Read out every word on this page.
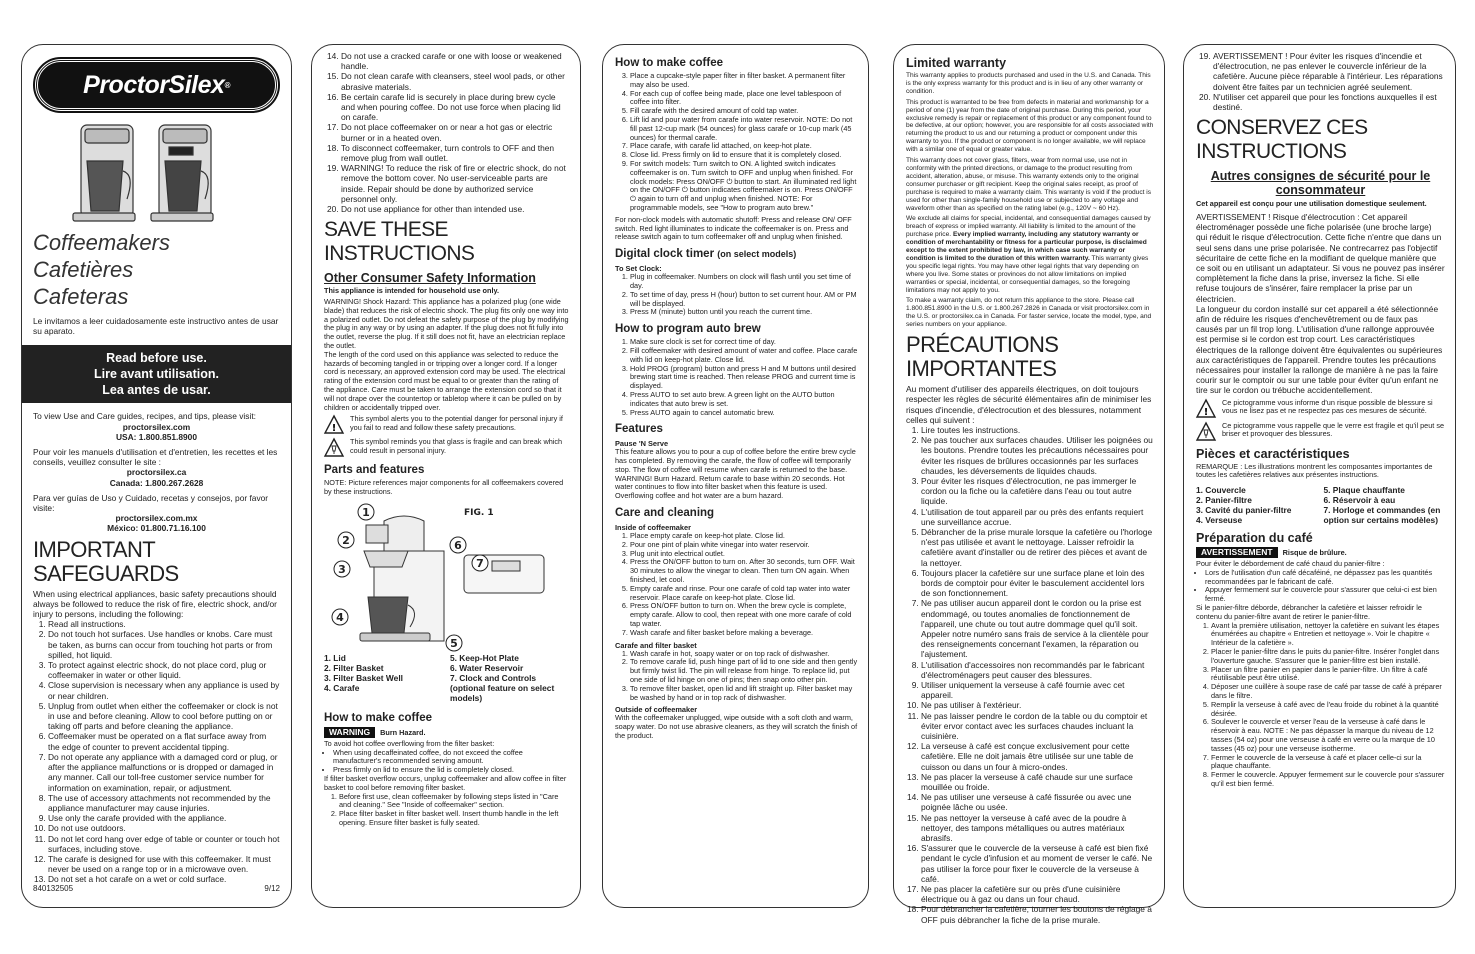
ProctorSilex ®
Coffeemakers
Cafetières
Cafeteras
Le invitamos a leer cuidadosamente este instructivo antes de usar su aparato.
Read before use.
Lire avant utilisation.
Lea antes de usar.
To view Use and Care guides, recipes, and tips, please visit:
proctorsilex.com
USA: 1.800.851.8900
Pour voir les manuels d'utilisation et d'entretien, les recettes et les conseils, veuillez consulter le site :
proctorsilex.ca
Canada: 1.800.267.2628
Para ver guías de Uso y Cuidado, recetas y consejos, por favor visite:
proctorsilex.com.mx
México: 01.800.71.16.100
IMPORTANT SAFEGUARDS
When using electrical appliances, basic safety precautions should always be followed to reduce the risk of fire, electric shock, and/or injury to persons, including the following:
1. Read all instructions.
2. Do not touch hot surfaces. Use handles or knobs. Care must be taken, as burns can occur from touching hot parts or from spilled, hot liquid.
3. To protect against electric shock, do not place cord, plug or coffeemaker in water or other liquid.
4. Close supervision is necessary when any appliance is used by or near children.
5. Unplug from outlet when either the coffeemaker or clock is not in use and before cleaning. Allow to cool before putting on or taking off parts and before cleaning the appliance.
6. Coffeemaker must be operated on a flat surface away from the edge of counter to prevent accidental tipping.
7. Do not operate any appliance with a damaged cord or plug, or after the appliance malfunctions or is dropped or damaged in any manner. Call our toll-free customer service number for information on examination, repair, or adjustment.
8. The use of accessory attachments not recommended by the appliance manufacturer may cause injuries.
9. Use only the carafe provided with the appliance.
10. Do not use outdoors.
11. Do not let cord hang over edge of table or counter or touch hot surfaces, including stove.
12. The carafe is designed for use with this coffeemaker. It must never be used on a range top or in a microwave oven.
13. Do not set a hot carafe on a wet or cold surface.
840132505	9/12
14. Do not use a cracked carafe or one with loose or weakened handle.
15. Do not clean carafe with cleansers, steel wool pads, or other abrasive materials.
16. Be certain carafe lid is securely in place during brew cycle and when pouring coffee. Do not use force when placing lid on carafe.
17. Do not place coffeemaker on or near a hot gas or electric burner or in a heated oven.
18. To disconnect coffeemaker, turn controls to OFF and then remove plug from wall outlet.
19. WARNING! To reduce the risk of fire or electric shock, do not remove the bottom cover. No user-serviceable parts are inside. Repair should be done by authorized service personnel only.
20. Do not use appliance for other than intended use.
SAVE THESE INSTRUCTIONS
Other Consumer Safety Information
This appliance is intended for household use only.
WARNING! Shock Hazard: This appliance has a polarized plug (one wide blade) that reduces the risk of electric shock. The plug fits only one way into a polarized outlet. Do not defeat the safety purpose of the plug by modifying the plug in any way or by using an adapter. If the plug does not fit fully into the outlet, reverse the plug. If it still does not fit, have an electrician replace the outlet.
The length of the cord used on this appliance was selected to reduce the hazards of becoming tangled in or tripping over a longer cord. If a longer cord is necessary, an approved extension cord may be used. The electrical rating of the extension cord must be equal to or greater than the rating of the appliance. Care must be taken to arrange the extension cord so that it will not drape over the countertop or tabletop where it can be pulled on by children or accidentally tripped over.
!
This symbol alerts you to the potential danger for personal injury if you fail to read and follow these safety precautions.
This symbol reminds you that glass is fragile and can break which could result in personal injury.
Parts and features
NOTE: Picture references major components for all coffeemakers covered by these instructions.
1
2
3
4
5
6
7
FIG. 1
1. Lid
2. Filter Basket
3. Filter Basket Well
4. Carafe
5. Keep-Hot Plate
6. Water Reservoir
7. Clock and Controls (optional feature on select models)
How to make coffee
WARNING Burn Hazard.
To avoid hot coffee overflowing from the filter basket:
• When using decaffeinated coffee, do not exceed the coffee manufacturer's recommended serving amount.
• Press firmly on lid to ensure the lid is completely closed.
If filter basket overflow occurs, unplug coffeemaker and allow coffee in filter basket to cool before removing filter basket.
1. Before first use, clean coffeemaker by following steps listed in "Care and cleaning." See "Inside of coffeemaker" section.
2. Place filter basket in filter basket well. Insert thumb handle in the left opening. Ensure filter basket is fully seated.
How to make coffee
3. Place a cupcake-style paper filter in filter basket. A permanent filter may also be used.
4. For each cup of coffee being made, place one level tablespoon of coffee into filter.
5. Fill carafe with the desired amount of cold tap water.
6. Lift lid and pour water from carafe into water reservoir. NOTE: Do not fill past 12-cup mark (54 ounces) for glass carafe or 10-cup mark (45 ounces) for thermal carafe.
7. Place carafe, with carafe lid attached, on keep-hot plate.
8. Close lid. Press firmly on lid to ensure that it is completely closed.
9. For switch models: Turn switch to ON. A lighted switch indicates coffeemaker is on. Turn switch to OFF and unplug when finished. For clock models: Press ON/OFF ⏻ button to start. An illuminated red light on the ON/OFF ⏻ button indicates coffeemaker is on. Press ON/OFF ⏻ again to turn off and unplug when finished. NOTE: For programmable models, see "How to program auto brew."
For non-clock models with automatic shutoff: Press and release ON/ OFF switch. Red light illuminates to indicate the coffeemaker is on. Press and release switch again to turn coffeemaker off and unplug when finished.
Digital clock timer (on select models)
To Set Clock:
1. Plug in coffeemaker. Numbers on clock will flash until you set time of day.
2. To set time of day, press H (hour) button to set current hour. AM or PM will be displayed.
3. Press M (minute) button until you reach the current time.
How to program auto brew
1. Make sure clock is set for correct time of day.
2. Fill coffeemaker with desired amount of water and coffee. Place carafe with lid on keep-hot plate. Close lid.
3. Hold PROG (program) button and press H and M buttons until desired brewing start time is reached. Then release PROG and current time is displayed.
4. Press AUTO to set auto brew. A green light on the AUTO button indicates that auto brew is set.
5. Press AUTO again to cancel automatic brew.
Features
Pause 'N Serve
This feature allows you to pour a cup of coffee before the entire brew cycle has completed. By removing the carafe, the flow of coffee will temporarily stop. The flow of coffee will resume when carafe is returned to the base.
WARNING! Burn Hazard. Return carafe to base within 20 seconds. Hot water continues to flow into filter basket when this feature is used. Overflowing coffee and hot water are a burn hazard.
Care and cleaning
Inside of coffeemaker
1. Place empty carafe on keep-hot plate. Close lid.
2. Pour one pint of plain white vinegar into water reservoir.
3. Plug unit into electrical outlet.
4. Press the ON/OFF button to turn on. After 30 seconds, turn OFF. Wait 30 minutes to allow the vinegar to clean. Then turn ON again. When finished, let cool.
5. Empty carafe and rinse. Pour one carafe of cold tap water into water reservoir. Place carafe on keep-hot plate. Close lid.
6. Press ON/OFF button to turn on. When the brew cycle is complete, empty carafe. Allow to cool, then repeat with one more carafe of cold tap water.
7. Wash carafe and filter basket before making a beverage.
Carafe and filter basket
1. Wash carafe in hot, soapy water or on top rack of dishwasher.
2. To remove carafe lid, push hinge part of lid to one side and then gently but firmly twist lid. The pin will release from hinge. To replace lid, put one side of lid hinge on one of pins; then snap onto other pin.
3. To remove filter basket, open lid and lift straight up. Filter basket may be washed by hand or in top rack of dishwasher.
Outside of coffeemaker
With the coffeemaker unplugged, wipe outside with a soft cloth and warm, soapy water. Do not use abrasive cleaners, as they will scratch the finish of the product.
Limited warranty
This warranty applies to products purchased and used in the U.S. and Canada. This is the only express warranty for this product and is in lieu of any other warranty or condition.
This product is warranted to be free from defects in material and workmanship for a period of one (1) year from the date of original purchase. During this period, your exclusive remedy is repair or replacement of this product or any component found to be defective, at our option; however, you are responsible for all costs associated with returning the product to us and our returning a product or component under this warranty to you. If the product or component is no longer available, we will replace with a similar one of equal or greater value.
This warranty does not cover glass, filters, wear from normal use, use not in conformity with the printed directions, or damage to the product resulting from accident, alteration, abuse, or misuse. This warranty extends only to the original consumer purchaser or gift recipient. Keep the original sales receipt, as proof of purchase is required to make a warranty claim. This warranty is void if the product is used for other than single-family household use or subjected to any voltage and waveform other than as specified on the rating label (e.g., 120V ~ 60 Hz).
We exclude all claims for special, incidental, and consequential damages caused by breach of express or implied warranty. All liability is limited to the amount of the purchase price. Every implied warranty, including any statutory warranty or condition of merchantability or fitness for a particular purpose, is disclaimed except to the extent prohibited by law, in which case such warranty or condition is limited to the duration of this written warranty. This warranty gives you specific legal rights. You may have other legal rights that vary depending on where you live. Some states or provinces do not allow limitations on implied warranties or special, incidental, or consequential damages, so the foregoing limitations may not apply to you.
To make a warranty claim, do not return this appliance to the store. Please call 1.800.851.8900 in the U.S. or 1.800.267.2826 in Canada or visit proctorsilex.com in the U.S. or proctorsilex.ca in Canada. For faster service, locate the model, type, and series numbers on your appliance.
PRÉCAUTIONS IMPORTANTES
Au moment d'utiliser des appareils électriques, on doit toujours respecter les règles de sécurité élémentaires afin de minimiser les risques d'incendie, d'électrocution et des blessures, notamment celles qui suivent :
1. Lire toutes les instructions.
2. Ne pas toucher aux surfaces chaudes. Utiliser les poignées ou les boutons. Prendre toutes les précautions nécessaires pour éviter les risques de brûlures occasionnés par les surfaces chaudes, les déversements de liquides chauds.
3. Pour éviter les risques d'électrocution, ne pas immerger le cordon ou la fiche ou la cafetière dans l'eau ou tout autre liquide.
4. L'utilisation de tout appareil par ou près des enfants requiert une surveillance accrue.
5. Débrancher de la prise murale lorsque la cafetière ou l'horloge n'est pas utilisée et avant le nettoyage. Laisser refroidir la cafetière avant d'installer ou de retirer des pièces et avant de la nettoyer.
6. Toujours placer la cafetière sur une surface plane et loin des bords de comptoir pour éviter le basculement accidentel lors de son fonctionnement.
7. Ne pas utiliser aucun appareil dont le cordon ou la prise est endommagé, ou toutes anomalies de fonctionnement de l'appareil, une chute ou tout autre dommage quel qu'il soit. Appeler notre numéro sans frais de service à la clientèle pour des renseignements concernant l'examen, la réparation ou l'ajustement.
8. L'utilisation d'accessoires non recommandés par le fabricant d'électroménagers peut causer des blessures.
9. Utiliser uniquement la verseuse à café fournie avec cet appareil.
10. Ne pas utiliser à l'extérieur.
11. Ne pas laisser pendre le cordon de la table ou du comptoir et éviter ervor contact avec les surfaces chaudes incluant la cuisinière.
12. La verseuse à café est conçue exclusivement pour cette cafetière. Elle ne doit jamais être utilisée sur une table de cuisson ou dans un four à micro-ondes.
13. Ne pas placer la verseuse à café chaude sur une surface mouillée ou froide.
14. Ne pas utiliser une verseuse à café fissurée ou avec une poignée lâche ou usée.
15. Ne pas nettoyer la verseuse à café avec de la poudre à nettoyer, des tampons métalliques ou autres matériaux abrasifs.
16. S'assurer que le couvercle de la verseuse à café est bien fixé pendant le cycle d'infusion et au moment de verser le café. Ne pas utiliser la force pour fixer le couvercle de la verseuse à café.
17. Ne pas placer la cafetière sur ou près d'une cuisinière électrique ou à gaz ou dans un four chaud.
18. Pour débrancher la cafetière, tourner les boutons de réglage à OFF puis débrancher la fiche de la prise murale.
19. AVERTISSEMENT ! Pour éviter les risques d'incendie et d'électrocution, ne pas enlever le couvercle inférieur de la cafetière. Aucune pièce réparable à l'intérieur. Les réparations doivent être faites par un technicien agréé seulement.
20. N'utiliser cet appareil que pour les fonctions auxquelles il est destiné.
CONSERVEZ CES INSTRUCTIONS
Autres consignes de sécurité pour le consommateur
Cet appareil est conçu pour une utilisation domestique seulement.
AVERTISSEMENT ! Risque d'électrocution : Cet appareil électroménager possède une fiche polarisée (une broche large) qui réduit le risque d'électrocution. Cette fiche n'entre que dans un seul sens dans une prise polarisée. Ne contrecarrez pas l'objectif sécuritaire de cette fiche en la modifiant de quelque manière que ce soit ou en utilisant un adaptateur. Si vous ne pouvez pas insérer complètement la fiche dans la prise, inversez la fiche. Si elle refuse toujours de s'insérer, faire remplacer la prise par un électricien.
La longueur du cordon installé sur cet appareil a été sélectionnée afin de réduire les risques d'enchevêtrement ou de faux pas causés par un fil trop long. L'utilisation d'une rallonge approuvée est permise si le cordon est trop court. Les caractéristiques électriques de la rallonge doivent être équivalentes ou supérieures aux caractéristiques de l'appareil. Prendre toutes les précautions nécessaires pour installer la rallonge de manière à ne pas la faire courir sur le comptoir ou sur une table pour éviter qu'un enfant ne tire sur le cordon ou trébuche accidentellement.
!
Ce pictogramme vous informe d'un risque possible de blessure si vous ne lisez pas et ne respectez pas ces mesures de sécurité.
Ce pictogramme vous rappelle que le verre est fragile et qu'il peut se briser et provoquer des blessures.
Pièces et caractéristiques
REMARQUE : Les illustrations montrent les composantes importantes de toutes les cafetières relatives aux présentes instructions.
1. Couvercle
2. Panier-filtre
3. Cavité du panier-filtre
4. Verseuse
5. Plaque chauffante
6. Réservoir à eau
7. Horloge et commandes (en option sur certains modèles)
Préparation du café
AVERTISSEMENT Risque de brûlure.
Pour éviter le débordement de café chaud du panier-filtre :
• Lors de l'utilisation d'un café décaféiné, ne dépassez pas les quantités recommandées par le fabricant de café.
• Appuyer fermement sur le couvercle pour s'assurer que celui-ci est bien fermé.
Si le panier-filtre déborde, débrancher la cafetière et laisser refroidir le contenu du panier-filtre avant de retirer le panier-filtre.
1. Avant la première utilisation, nettoyer la cafetière en suivant les étapes énumérées au chapitre « Entretien et nettoyage ». Voir le chapitre « Intérieur de la cafetière ».
2. Placer le panier-filtre dans le puits du panier-filtre. Insérer l'onglet dans l'ouverture gauche. S'assurer que le panier-filtre est bien installé.
3. Placer un filtre panier en papier dans le panier-filtre. Un filtre à café réutilisable peut être utilisé.
4. Déposer une cuillère à soupe rase de café par tasse de café à préparer dans le filtre.
5. Remplir la verseuse à café avec de l'eau froide du robinet à la quantité désirée.
6. Soulever le couvercle et verser l'eau de la verseuse à café dans le réservoir à eau. NOTE : Ne pas dépasser la marque du niveau de 12 tasses (54 oz) pour une verseuse à café en verre ou la marque de 10 tasses (45 oz) pour une verseuse isotherme.
7. Fermer le couvercle de la verseuse à café et placer celle-ci sur la plaque chauffante.
8. Fermer le couvercle. Appuyer fermement sur le couvercle pour s'assurer qu'il est bien fermé.
